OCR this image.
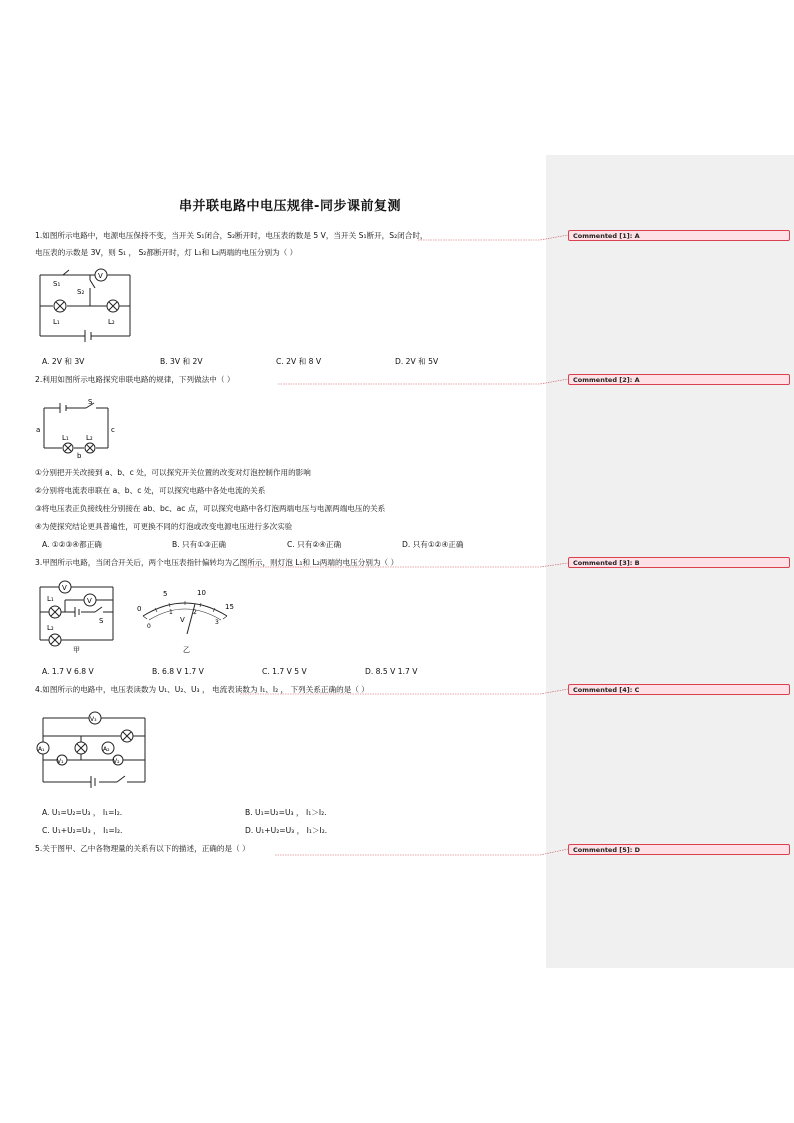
Commented [1]: A
Commented [2]: A
Commented [3]: B
Commented [4]: C
Commented [5]: D
串并联电路中电压规律-同步课前复测
1.如图所示电路中，电源电压保持不变，当开关 S₁闭合，S₂断开时，电压表的数是 5 V，当开关 S₁断开，S₂闭合时，
电压表的示数是 3V，则 S₁ ， S₂都断开时，灯 L₁和 L₂两端的电压分别为（ ）
V
S₁
S₂
L₁	L₂
A. 2V 和 3V	B. 3V 和 2V	C. 2V 和 8 V	D. 2V 和 5V
2.利用如图所示电路探究串联电路的规律，下列做法中（ ）
S
a	c
b
L₁ L₂
①分别把开关改接到 a、b、c 处，可以探究开关位置的改变对灯泡控制作用的影响
②分别将电流表串联在 a、b、c 处，可以探究电路中各处电流的关系
③将电压表正负接线柱分别接在 ab、bc、ac 点，可以探究电路中各灯泡两端电压与电源两端电压的关系
④为使探究结论更具普遍性，可更换不同的灯泡或改变电源电压进行多次实验
A. ①②③④都正确	B. 只有①③正确	C. 只有②④正确	D. 只有①②④正确
3.甲图所示电路，当闭合开关后，两个电压表指针偏转均为乙图所示，则灯泡 L₁和 L₂两端的电压分别为（ ）
V
V
L₁
L₂
S
甲
5	10
0	15
0
1	2
3
V
乙
A. 1.7 V 6.8 V	B. 6.8 V 1.7 V	C. 1.7 V 5 V	D. 8.5 V 1.7 V
4.如图所示的电路中，电压表读数为 U₁、U₂、U₃ ， 电流表读数为 I₁、I₂ ， 下列关系正确的是（ ）
V₃
A₁	A₂
V₁	V₂
A. U₁=U₂=U₃ ， I₁=I₂.	B. U₁=U₂=U₃ ， I₁＞I₂.
C. U₁+U₂=U₃ ， I₁=I₂.	D. U₁+U₂=U₃ ， I₁＞I₂.
5.关于图甲、乙中各物理量的关系有以下的描述，正确的是（ ）
